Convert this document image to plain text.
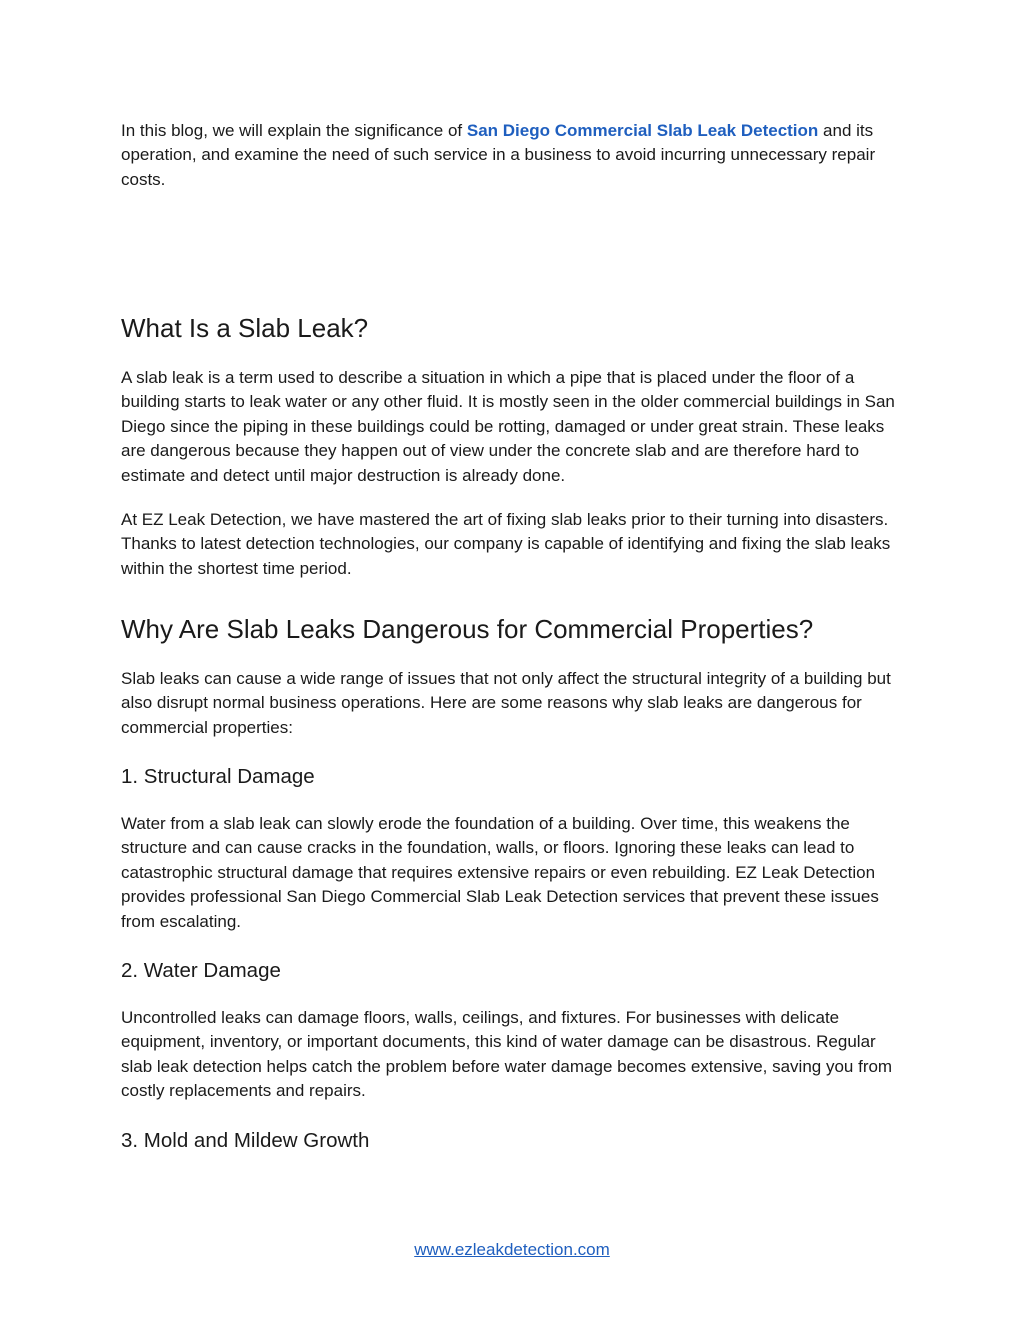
In this blog, we will explain the significance of San Diego Commercial Slab Leak Detection and its operation, and examine the need of such service in a business to avoid incurring unnecessary repair costs.

What Is a Slab Leak?

A slab leak is a term used to describe a situation in which a pipe that is placed under the floor of a building starts to leak water or any other fluid. It is mostly seen in the older commercial buildings in San Diego since the piping in these buildings could be rotting, damaged or under great strain. These leaks are dangerous because they happen out of view under the concrete slab and are therefore hard to estimate and detect until major destruction is already done.

At EZ Leak Detection, we have mastered the art of fixing slab leaks prior to their turning into disasters. Thanks to latest detection technologies, our company is capable of identifying and fixing the slab leaks within the shortest time period.

Why Are Slab Leaks Dangerous for Commercial Properties?

Slab leaks can cause a wide range of issues that not only affect the structural integrity of a building but also disrupt normal business operations. Here are some reasons why slab leaks are dangerous for commercial properties:

1. Structural Damage

Water from a slab leak can slowly erode the foundation of a building. Over time, this weakens the structure and can cause cracks in the foundation, walls, or floors. Ignoring these leaks can lead to catastrophic structural damage that requires extensive repairs or even rebuilding. EZ Leak Detection provides professional San Diego Commercial Slab Leak Detection services that prevent these issues from escalating.

2. Water Damage

Uncontrolled leaks can damage floors, walls, ceilings, and fixtures. For businesses with delicate equipment, inventory, or important documents, this kind of water damage can be disastrous. Regular slab leak detection helps catch the problem before water damage becomes extensive, saving you from costly replacements and repairs.

3. Mold and Mildew Growth
www.ezleakdetection.com
